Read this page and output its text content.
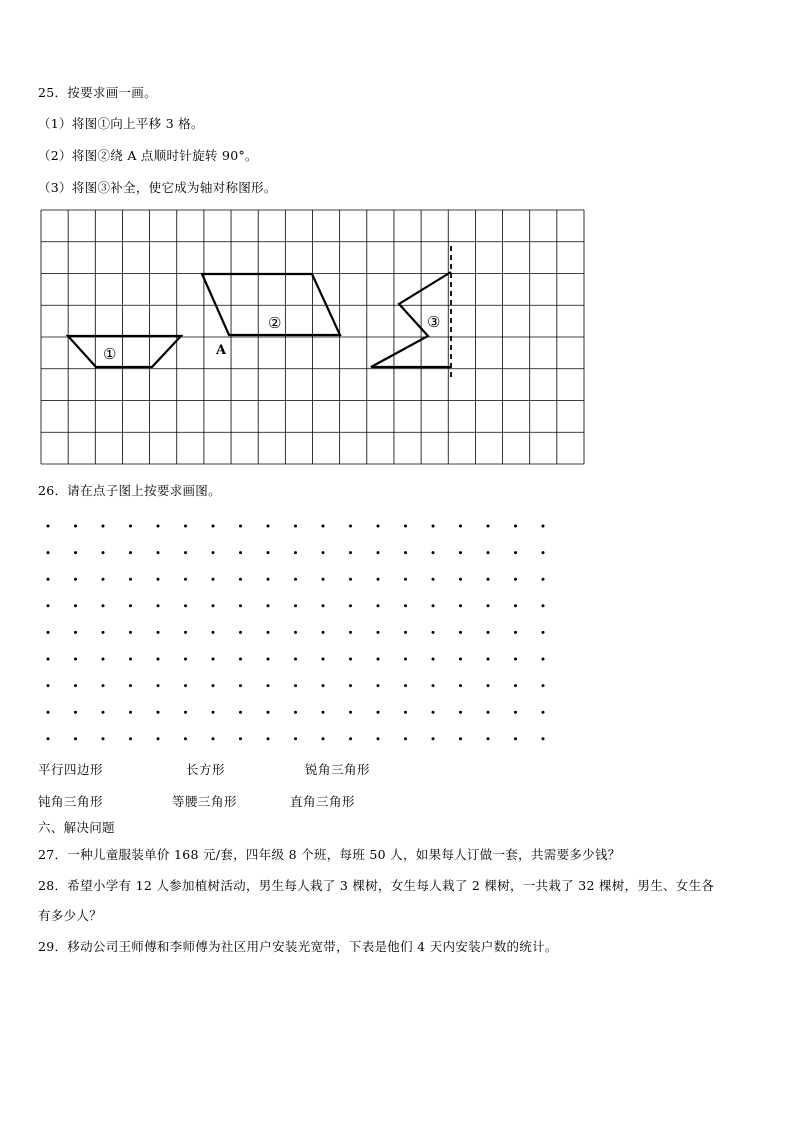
25．按要求画一画。
（1）将图①向上平移 3 格。
（2）将图②绕 A 点顺时针旋转 90°。
（3）将图③补全，使它成为轴对称图形。
①
②	③
A
26．请在点子图上按要求画图。
平行四边形	长方形	锐角三角形
钝角三角形	等腰三角形	直角三角形
六、解决问题
27．一种儿童服装单价 168 元/套，四年级 8 个班，每班 50 人，如果每人订做一套，共需要多少钱？
28．希望小学有 12 人参加植树活动，男生每人栽了 3 棵树，女生每人栽了 2 棵树，一共栽了 32 棵树，男生、女生各
有多少人？
29．移动公司王师傅和李师傅为社区用户安装光宽带，下表是他们 4 天内安装户数的统计。
